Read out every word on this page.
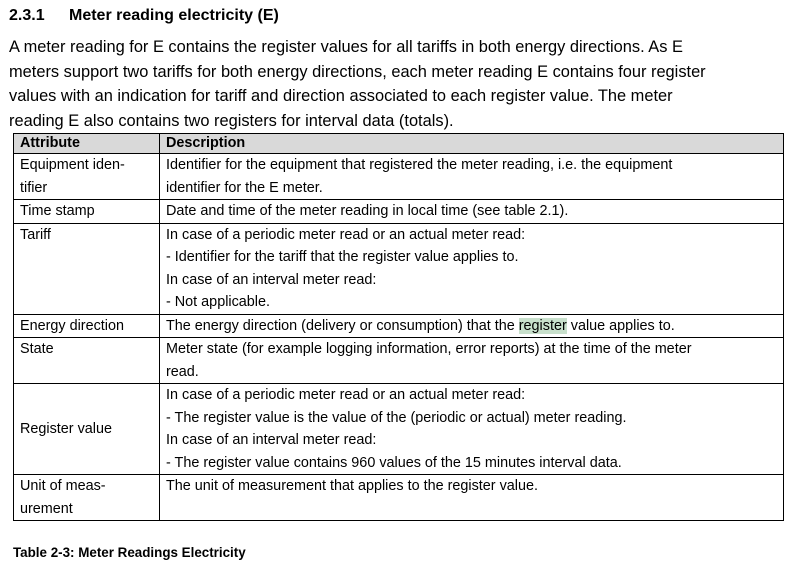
2.3.1 Meter reading electricity (E)

A meter reading for E contains the register values for all tariffs in both energy directions. As E
meters support two tariffs for both energy directions, each meter reading E contains four register
values with an indication for tariff and direction associated to each register value. The meter
reading E also contains two registers for interval data (totals).

Attribute	Description
Equipment iden-
tifier	Identifier for the equipment that registered the meter reading, i.e. the equipment
identifier for the E meter.
Time stamp	Date and time of the meter reading in local time (see table 2.1).
Tariff	In case of a periodic meter read or an actual meter read:
- Identifier for the tariff that the register value applies to.
In case of an interval meter read:
- Not applicable.
Energy direction	The energy direction (delivery or consumption) that the register value applies to.
State	Meter state (for example logging information, error reports) at the time of the meter
read.
Register value	In case of a periodic meter read or an actual meter read:
- The register value is the value of the (periodic or actual) meter reading.
In case of an interval meter read:
- The register value contains 960 values of the 15 minutes interval data.
Unit of meas-
urement	The unit of measurement that applies to the register value.
Table 2-3: Meter Readings Electricity
